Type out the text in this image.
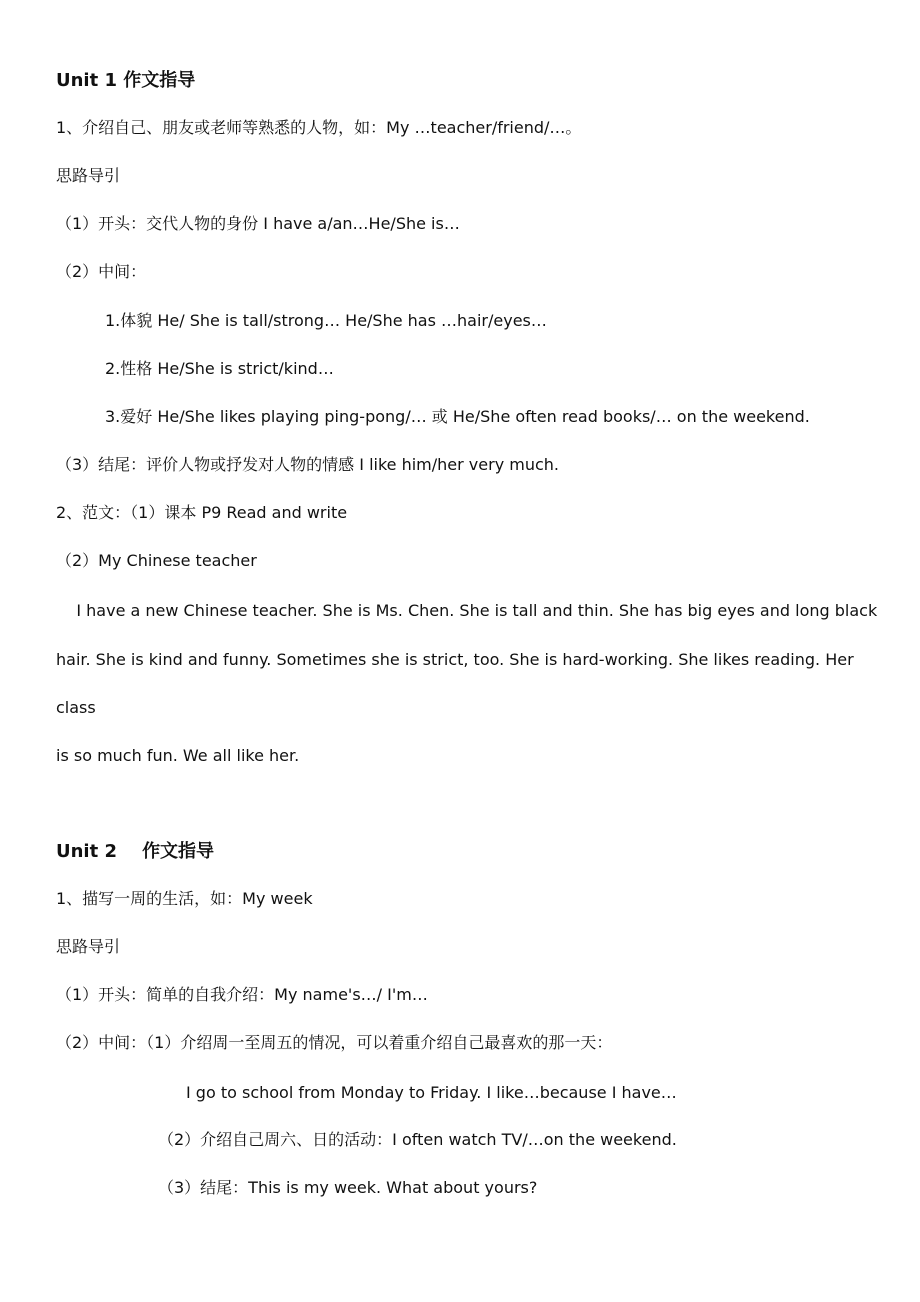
Unit 1 作文指导
1、介绍自己、朋友或老师等熟悉的人物，如：My …teacher/friend/…。
思路导引
（1）开头：交代人物的身份 I have a/an…He/She is…
（2）中间：
1.体貌 He/ She is tall/strong… He/She has …hair/eyes…
2.性格 He/She is strict/kind…
3.爱好 He/She likes playing ping-pong/… 或 He/She often read books/… on the weekend.
（3）结尾：评价人物或抒发对人物的情感 I like him/her very much.
2、范文：（1）课本 P9 Read and write
（2）My Chinese teacher
I have a new Chinese teacher. She is Ms. Chen. She is tall and thin. She has big eyes and long black
hair. She is kind and funny. Sometimes she is strict, too. She is hard-working. She likes reading. Her
class
is so much fun. We all like her.
Unit 2    作文指导
1、描写一周的生活，如：My week
思路导引
（1）开头：简单的自我介绍：My name's…/ I'm…
（2）中间：（1）介绍周一至周五的情况，可以着重介绍自己最喜欢的那一天：
I go to school from Monday to Friday. I like…because I have…
（2）介绍自己周六、日的活动：I often watch TV/…on the weekend.
（3）结尾：This is my week. What about yours?
